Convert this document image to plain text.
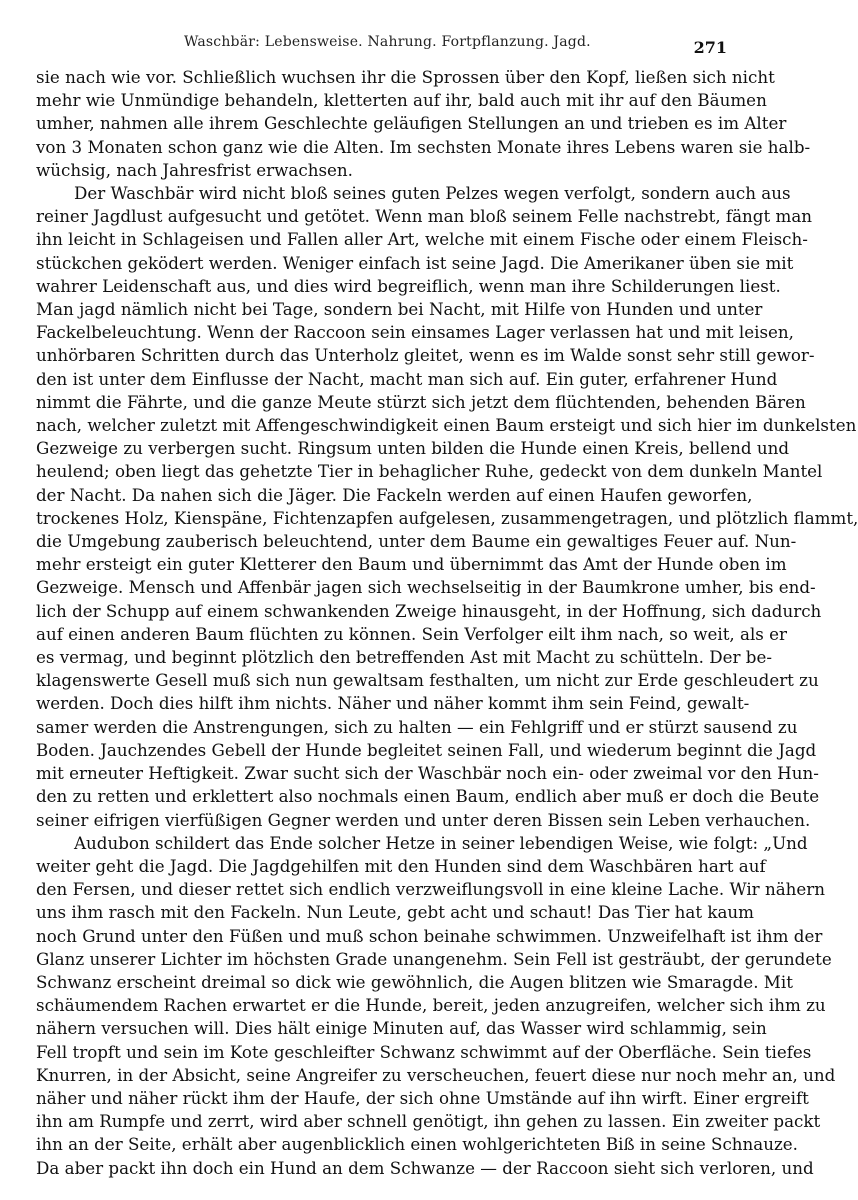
Waschbär: Lebensweise. Nahrung. Fortpflanzung. Jagd.	271
sie nach wie vor. Schließlich wuchsen ihr die Sprossen über den Kopf, ließen sich nicht
mehr wie Unmündige behandeln, kletterten auf ihr, bald auch mit ihr auf den Bäumen
umher, nahmen alle ihrem Geschlechte geläufigen Stellungen an und trieben es im Alter
von 3 Monaten schon ganz wie die Alten. Im sechsten Monate ihres Lebens waren sie halb-
wüchsig, nach Jahresfrist erwachsen.
Der Waschbär wird nicht bloß seines guten Pelzes wegen verfolgt, sondern auch aus
reiner Jagdlust aufgesucht und getötet. Wenn man bloß seinem Felle nachstrebt, fängt man
ihn leicht in Schlageisen und Fallen aller Art, welche mit einem Fische oder einem Fleisch-
stückchen geködert werden. Weniger einfach ist seine Jagd. Die Amerikaner üben sie mit
wahrer Leidenschaft aus, und dies wird begreiflich, wenn man ihre Schilderungen liest.
Man jagd nämlich nicht bei Tage, sondern bei Nacht, mit Hilfe von Hunden und unter
Fackelbeleuchtung. Wenn der Raccoon sein einsames Lager verlassen hat und mit leisen,
unhörbaren Schritten durch das Unterholz gleitet, wenn es im Walde sonst sehr still gewor-
den ist unter dem Einflusse der Nacht, macht man sich auf. Ein guter, erfahrener Hund
nimmt die Fährte, und die ganze Meute stürzt sich jetzt dem flüchtenden, behenden Bären
nach, welcher zuletzt mit Affengeschwindigkeit einen Baum ersteigt und sich hier im dunkelsten
Gezweige zu verbergen sucht. Ringsum unten bilden die Hunde einen Kreis, bellend und
heulend; oben liegt das gehetzte Tier in behaglicher Ruhe, gedeckt von dem dunkeln Mantel
der Nacht. Da nahen sich die Jäger. Die Fackeln werden auf einen Haufen geworfen,
trockenes Holz, Kienspäne, Fichtenzapfen aufgelesen, zusammengetragen, und plötzlich flammt,
die Umgebung zauberisch beleuchtend, unter dem Baume ein gewaltiges Feuer auf. Nun-
mehr ersteigt ein guter Kletterer den Baum und übernimmt das Amt der Hunde oben im
Gezweige. Mensch und Affenbär jagen sich wechselseitig in der Baumkrone umher, bis end-
lich der Schupp auf einem schwankenden Zweige hinausgeht, in der Hoffnung, sich dadurch
auf einen anderen Baum flüchten zu können. Sein Verfolger eilt ihm nach, so weit, als er
es vermag, und beginnt plötzlich den betreffenden Ast mit Macht zu schütteln. Der be-
klagenswerte Gesell muß sich nun gewaltsam festhalten, um nicht zur Erde geschleudert zu
werden. Doch dies hilft ihm nichts. Näher und näher kommt ihm sein Feind, gewalt-
samer werden die Anstrengungen, sich zu halten — ein Fehlgriff und er stürzt sausend zu
Boden. Jauchzendes Gebell der Hunde begleitet seinen Fall, und wiederum beginnt die Jagd
mit erneuter Heftigkeit. Zwar sucht sich der Waschbär noch ein- oder zweimal vor den Hun-
den zu retten und erklettert also nochmals einen Baum, endlich aber muß er doch die Beute
seiner eifrigen vierfüßigen Gegner werden und unter deren Bissen sein Leben verhauchen.
Audubon schildert das Ende solcher Hetze in seiner lebendigen Weise, wie folgt: „Und
weiter geht die Jagd. Die Jagdgehilfen mit den Hunden sind dem Waschbären hart auf
den Fersen, und dieser rettet sich endlich verzweiflungsvoll in eine kleine Lache. Wir nähern
uns ihm rasch mit den Fackeln. Nun Leute, gebt acht und schaut! Das Tier hat kaum
noch Grund unter den Füßen und muß schon beinahe schwimmen. Unzweifelhaft ist ihm der
Glanz unserer Lichter im höchsten Grade unangenehm. Sein Fell ist gesträubt, der gerundete
Schwanz erscheint dreimal so dick wie gewöhnlich, die Augen blitzen wie Smaragde. Mit
schäumendem Rachen erwartet er die Hunde, bereit, jeden anzugreifen, welcher sich ihm zu
nähern versuchen will. Dies hält einige Minuten auf, das Wasser wird schlammig, sein
Fell tropft und sein im Kote geschleifter Schwanz schwimmt auf der Oberfläche. Sein tiefes
Knurren, in der Absicht, seine Angreifer zu verscheuchen, feuert diese nur noch mehr an, und
näher und näher rückt ihm der Haufe, der sich ohne Umstände auf ihn wirft. Einer ergreift
ihn am Rumpfe und zerrt, wird aber schnell genötigt, ihn gehen zu lassen. Ein zweiter packt
ihn an der Seite, erhält aber augenblicklich einen wohlgerichteten Biß in seine Schnauze.
Da aber packt ihn doch ein Hund an dem Schwanze — der Raccoon sieht sich verloren, und
